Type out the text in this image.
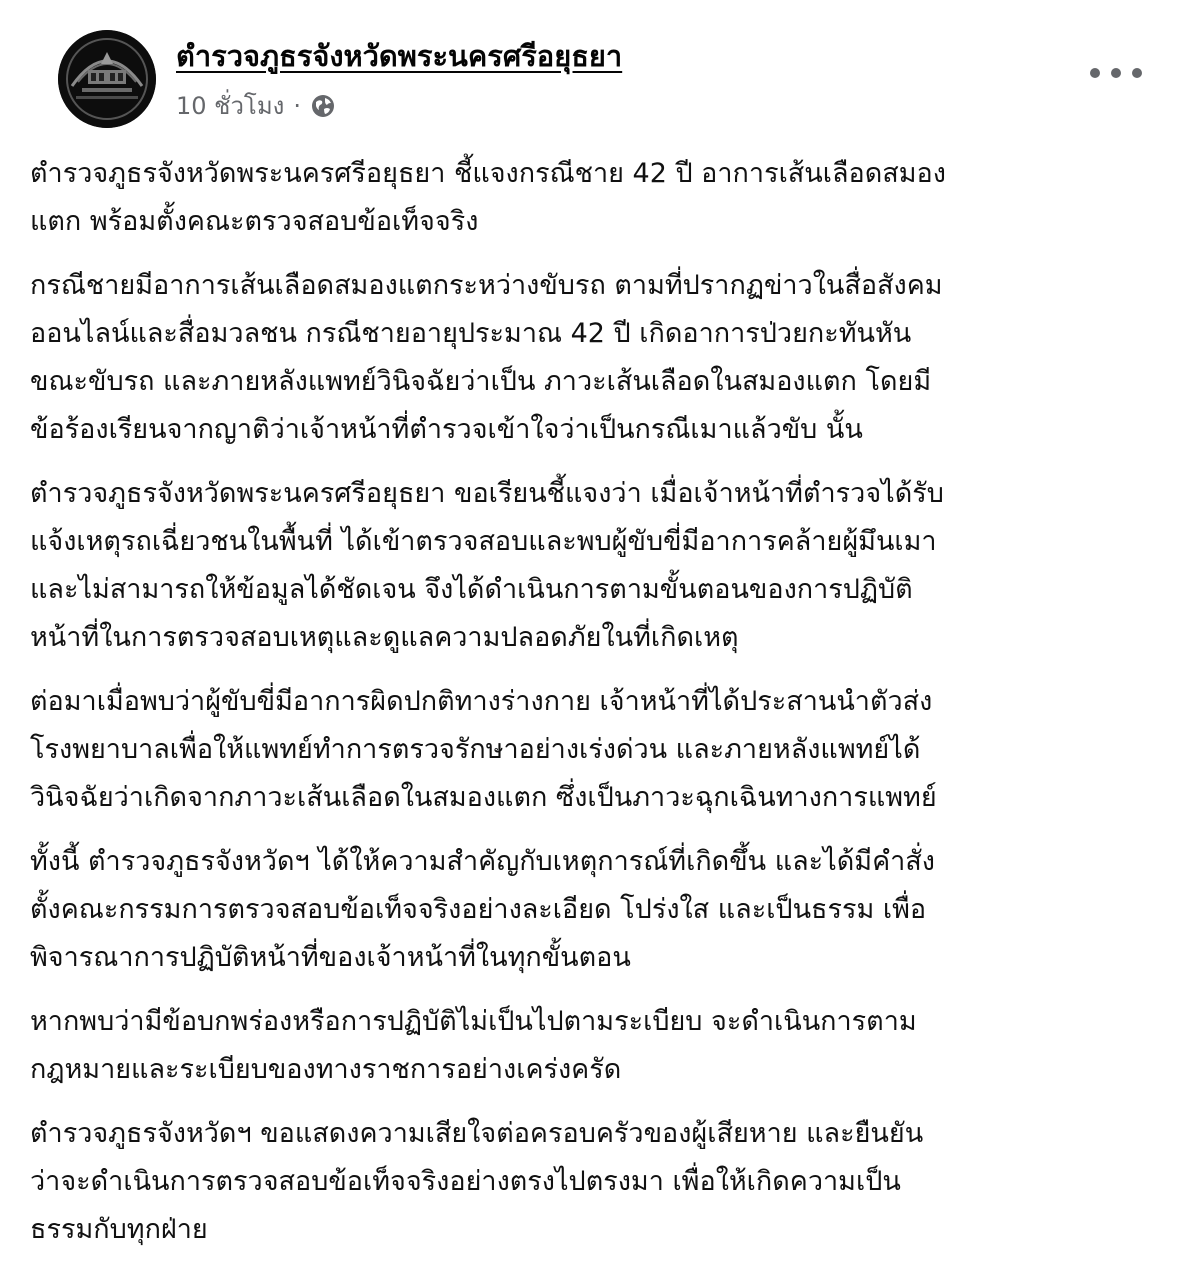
ตำรวจภูธรจังหวัดพระนครศรีอยุธยา
10 ชั่วโมง ·

ตำรวจภูธรจังหวัดพระนครศรีอยุธยา ชี้แจงกรณีชาย 42 ปี อาการเส้นเลือดสมอง
แตก พร้อมตั้งคณะตรวจสอบข้อเท็จจริง

กรณีชายมีอาการเส้นเลือดสมองแตกระหว่างขับรถ ตามที่ปรากฏข่าวในสื่อสังคม
ออนไลน์และสื่อมวลชน กรณีชายอายุประมาณ 42 ปี เกิดอาการป่วยกะทันหัน
ขณะขับรถ และภายหลังแพทย์วินิจฉัยว่าเป็น ภาวะเส้นเลือดในสมองแตก โดยมี
ข้อร้องเรียนจากญาติว่าเจ้าหน้าที่ตำรวจเข้าใจว่าเป็นกรณีเมาแล้วขับ นั้น

ตำรวจภูธรจังหวัดพระนครศรีอยุธยา ขอเรียนชี้แจงว่า เมื่อเจ้าหน้าที่ตำรวจได้รับ
แจ้งเหตุรถเฉี่ยวชนในพื้นที่ ได้เข้าตรวจสอบและพบผู้ขับขี่มีอาการคล้ายผู้มึนเมา
และไม่สามารถให้ข้อมูลได้ชัดเจน จึงได้ดำเนินการตามขั้นตอนของการปฏิบัติ
หน้าที่ในการตรวจสอบเหตุและดูแลความปลอดภัยในที่เกิดเหตุ

ต่อมาเมื่อพบว่าผู้ขับขี่มีอาการผิดปกติทางร่างกาย เจ้าหน้าที่ได้ประสานนำตัวส่ง
โรงพยาบาลเพื่อให้แพทย์ทำการตรวจรักษาอย่างเร่งด่วน และภายหลังแพทย์ได้
วินิจฉัยว่าเกิดจากภาวะเส้นเลือดในสมองแตก ซึ่งเป็นภาวะฉุกเฉินทางการแพทย์

ทั้งนี้ ตำรวจภูธรจังหวัดฯ ได้ให้ความสำคัญกับเหตุการณ์ที่เกิดขึ้น และได้มีคำสั่ง
ตั้งคณะกรรมการตรวจสอบข้อเท็จจริงอย่างละเอียด โปร่งใส และเป็นธรรม เพื่อ
พิจารณาการปฏิบัติหน้าที่ของเจ้าหน้าที่ในทุกขั้นตอน

หากพบว่ามีข้อบกพร่องหรือการปฏิบัติไม่เป็นไปตามระเบียบ จะดำเนินการตาม
กฎหมายและระเบียบของทางราชการอย่างเคร่งครัด

ตำรวจภูธรจังหวัดฯ ขอแสดงความเสียใจต่อครอบครัวของผู้เสียหาย และยืนยัน
ว่าจะดำเนินการตรวจสอบข้อเท็จจริงอย่างตรงไปตรงมา เพื่อให้เกิดความเป็น
ธรรมกับทุกฝ่าย
